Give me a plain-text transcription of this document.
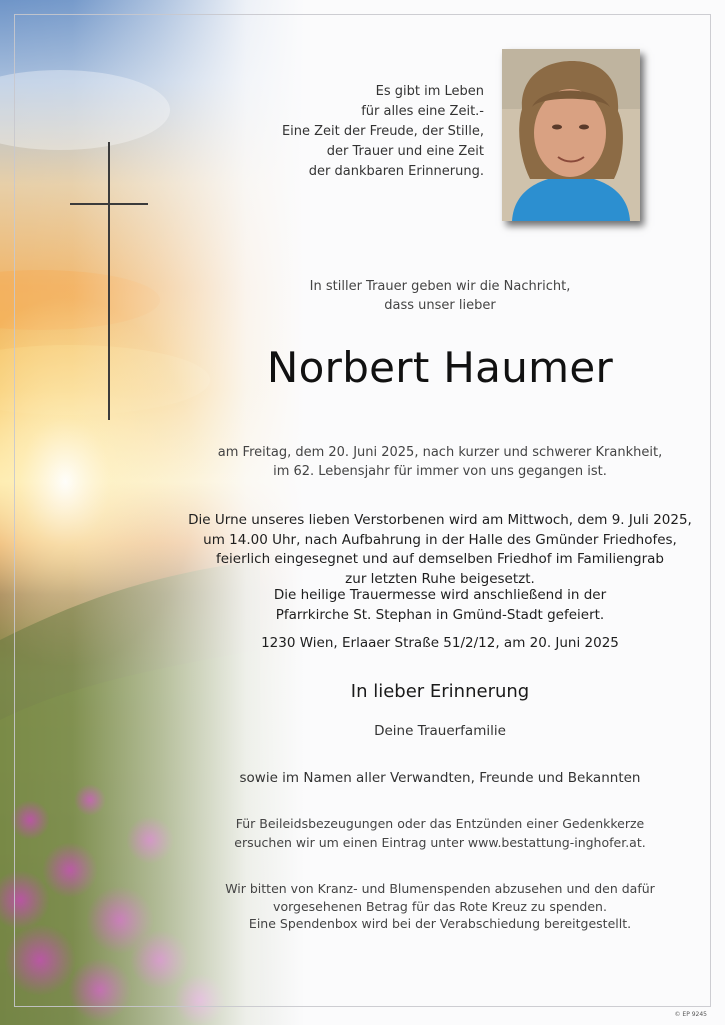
Es gibt im Leben
für alles eine Zeit.-
Eine Zeit der Freude, der Stille,
der Trauer und eine Zeit
der dankbaren Erinnerung.
In stiller Trauer geben wir die Nachricht,
dass unser lieber
Norbert Haumer
am Freitag, dem 20. Juni 2025, nach kurzer und schwerer Krankheit,
im 62. Lebensjahr für immer von uns gegangen ist.
Die Urne unseres lieben Verstorbenen wird am Mittwoch, dem 9. Juli 2025,
um 14.00 Uhr, nach Aufbahrung in der Halle des Gmünder Friedhofes,
feierlich eingesegnet und auf demselben Friedhof im Familiengrab
zur letzten Ruhe beigesetzt.
Die heilige Trauermesse wird anschließend in der
Pfarrkirche St. Stephan in Gmünd-Stadt gefeiert.
1230 Wien, Erlaaer Straße 51/2/12, am 20. Juni 2025
In lieber Erinnerung
Deine Trauerfamilie
sowie im Namen aller Verwandten, Freunde und Bekannten
Für Beileidsbezeugungen oder das Entzünden einer Gedenkkerze
ersuchen wir um einen Eintrag unter www.bestattung-inghofer.at.
Wir bitten von Kranz- und Blumenspenden abzusehen und den dafür
vorgesehenen Betrag für das Rote Kreuz zu spenden.
Eine Spendenbox wird bei der Verabschiedung bereitgestellt.
© EP 9245
